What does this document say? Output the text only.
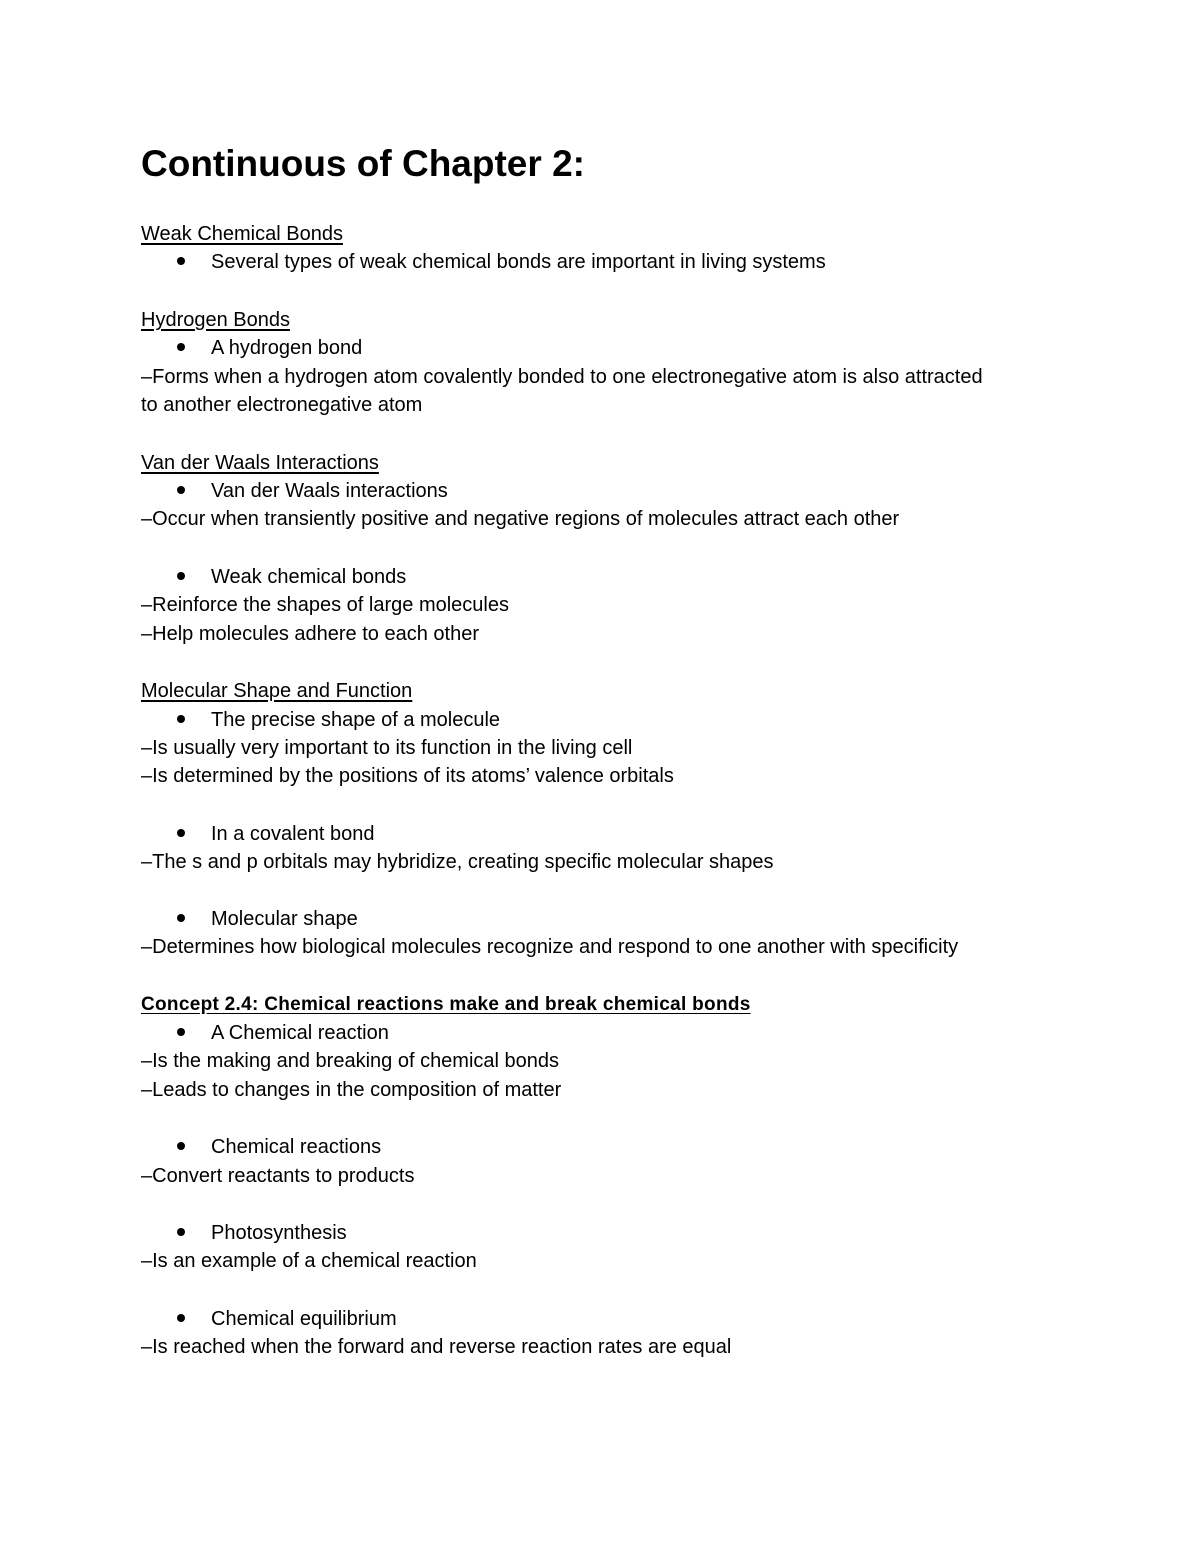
Continuous of Chapter 2:
Weak Chemical Bonds
Several types of weak chemical bonds are important in living systems
Hydrogen Bonds
A hydrogen bond
–Forms when a hydrogen atom covalently bonded to one electronegative atom is also attracted
to another electronegative atom
Van der Waals Interactions
Van der Waals interactions
–Occur when transiently positive and negative regions of molecules attract each other
Weak chemical bonds
–Reinforce the shapes of large molecules
–Help molecules adhere to each other
Molecular Shape and Function
The precise shape of a molecule
–Is usually very important to its function in the living cell
–Is determined by the positions of its atoms’ valence orbitals
In a covalent bond
–The s and p orbitals may hybridize, creating specific molecular shapes
Molecular shape
–Determines how biological molecules recognize and respond to one another with specificity
Concept 2.4: Chemical reactions make and break chemical bonds
A Chemical reaction
–Is the making and breaking of chemical bonds
–Leads to changes in the composition of matter
Chemical reactions
–Convert reactants to products
Photosynthesis
–Is an example of a chemical reaction
Chemical equilibrium
–Is reached when the forward and reverse reaction rates are equal
